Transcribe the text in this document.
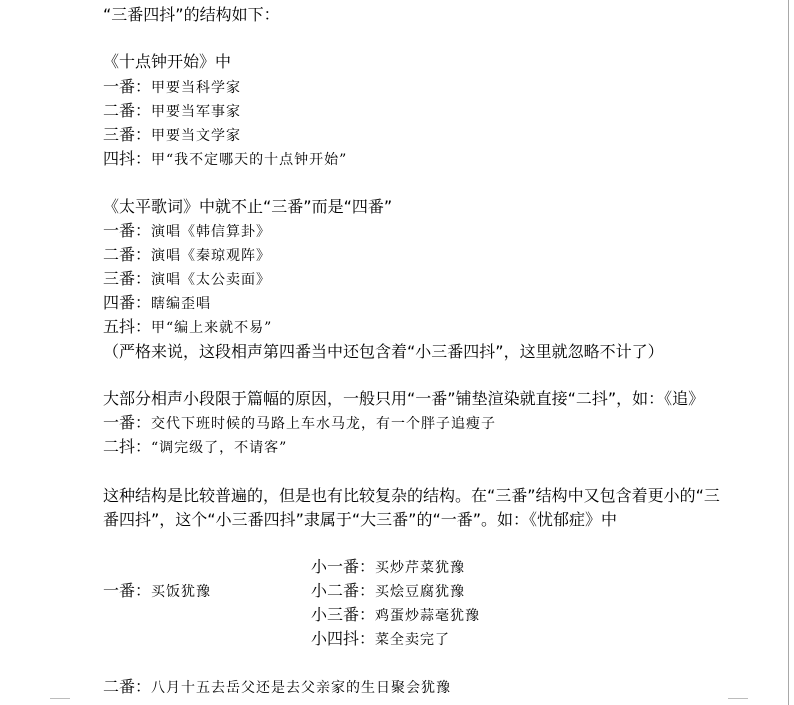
“三番四抖”的结构如下：
《十点钟开始》中
一番：甲要当科学家
二番：甲要当军事家
三番：甲要当文学家
四抖：甲“我不定哪天的十点钟开始”
《太平歌词》中就不止“三番”而是“四番”
一番：演唱《韩信算卦》
二番：演唱《秦琼观阵》
三番：演唱《太公卖面》
四番：瞎编歪唱
五抖：甲“编上来就不易”
（严格来说，这段相声第四番当中还包含着“小三番四抖”，这里就忽略不计了）
大部分相声小段限于篇幅的原因，一般只用“一番”铺垫渲染就直接“二抖”，如：《追》
一番：交代下班时候的马路上车水马龙，有一个胖子追瘦子
二抖：“调完级了，不请客”
这种结构是比较普遍的，但是也有比较复杂的结构。在“三番”结构中又包含着更小的“三
番四抖”，这个“小三番四抖”隶属于“大三番”的“一番”。如：《忧郁症》中
一番：买饭犹豫
小一番：买炒芹菜犹豫
小二番：买烩豆腐犹豫
小三番：鸡蛋炒蒜毫犹豫
小四抖：菜全卖完了
二番：八月十五去岳父还是去父亲家的生日聚会犹豫
